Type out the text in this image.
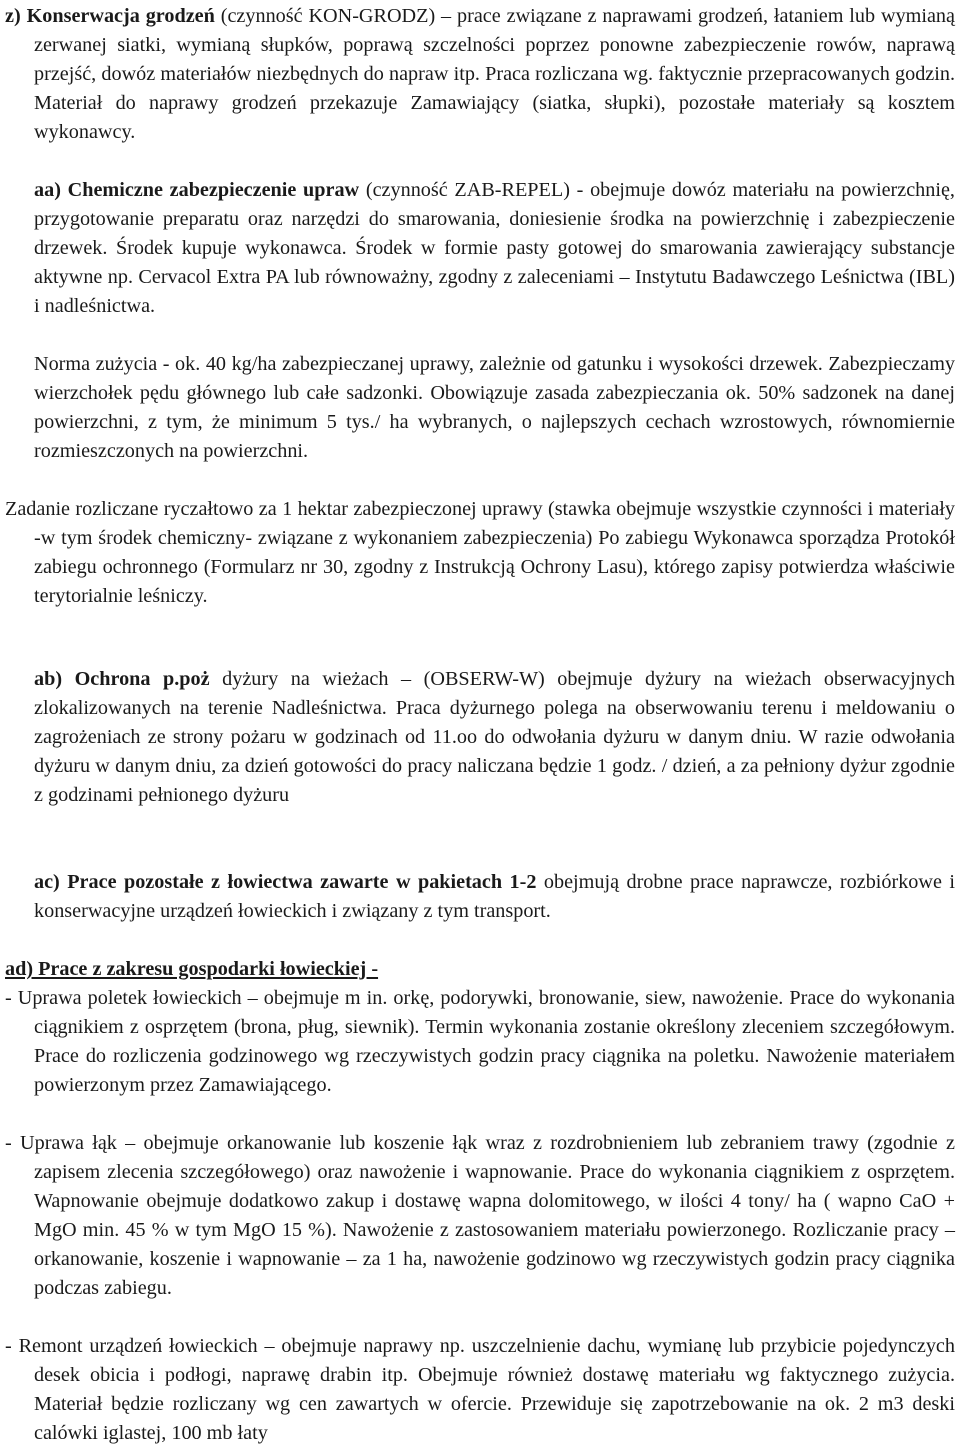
z) Konserwacja grodzeń (czynność KON-GRODZ) – prace związane z naprawami grodzeń, łataniem lub wymianą zerwanej siatki, wymianą słupków, poprawą szczelności poprzez ponowne zabezpieczenie rowów, naprawą przejść, dowóz materiałów niezbędnych do napraw itp. Praca rozliczana wg. faktycznie przepracowanych godzin. Materiał do naprawy grodzeń przekazuje Zamawiający (siatka, słupki), pozostałe materiały są kosztem wykonawcy.

aa) Chemiczne zabezpieczenie upraw (czynność ZAB-REPEL) - obejmuje dowóz materiału na powierzchnię, przygotowanie preparatu oraz narzędzi do smarowania, doniesienie środka na powierzchnię i zabezpieczenie drzewek. Środek kupuje wykonawca. Środek w formie pasty gotowej do smarowania zawierający substancje aktywne np. Cervacol Extra PA lub równoważny, zgodny z zaleceniami – Instytutu Badawczego Leśnictwa (IBL) i nadleśnictwa.

Norma zużycia - ok. 40 kg/ha zabezpieczanej uprawy, zależnie od gatunku i wysokości drzewek. Zabezpieczamy wierzchołek pędu głównego lub całe sadzonki. Obowiązuje zasada zabezpieczania ok. 50% sadzonek na danej powierzchni, z tym, że minimum 5 tys./ ha wybranych, o najlepszych cechach wzrostowych, równomiernie rozmieszczonych na powierzchni.

Zadanie rozliczane ryczałtowo za 1 hektar zabezpieczonej uprawy (stawka obejmuje wszystkie czynności i materiały -w tym środek chemiczny- związane z wykonaniem zabezpieczenia) Po zabiegu Wykonawca sporządza Protokół zabiegu ochronnego (Formularz nr 30, zgodny z Instrukcją Ochrony Lasu), którego zapisy potwierdza właściwie terytorialnie leśniczy.

ab) Ochrona p.poż dyżury na wieżach – (OBSERW-W) obejmuje dyżury na wieżach obserwacyjnych zlokalizowanych na terenie Nadleśnictwa. Praca dyżurnego polega na obserwowaniu terenu i meldowaniu o zagrożeniach ze strony pożaru w godzinach od 11.oo do odwołania dyżuru w danym dniu. W razie odwołania dyżuru w danym dniu, za dzień gotowości do pracy naliczana będzie 1 godz. / dzień, a za pełniony dyżur zgodnie z godzinami pełnionego dyżuru

ac) Prace pozostałe z łowiectwa zawarte w pakietach 1-2 obejmują drobne prace naprawcze, rozbiórkowe i konserwacyjne urządzeń łowieckich i związany z tym transport.

ad) Prace z zakresu gospodarki łowieckiej -

- Uprawa poletek łowieckich – obejmuje m in. orkę, podorywki, bronowanie, siew, nawożenie. Prace do wykonania ciągnikiem z osprzętem (brona, pług, siewnik). Termin wykonania zostanie określony zleceniem szczegółowym. Prace do rozliczenia godzinowego wg rzeczywistych godzin pracy ciągnika na poletku. Nawożenie materiałem powierzonym przez Zamawiającego.

- Uprawa łąk – obejmuje orkanowanie lub koszenie łąk wraz z rozdrobnieniem lub zebraniem trawy (zgodnie z zapisem zlecenia szczegółowego) oraz nawożenie i wapnowanie. Prace do wykonania ciągnikiem z osprzętem. Wapnowanie obejmuje dodatkowo zakup i dostawę wapna dolomitowego, w ilości 4 tony/ ha ( wapno CaO + MgO min. 45 % w tym MgO 15 %). Nawożenie z zastosowaniem materiału powierzonego. Rozliczanie pracy – orkanowanie, koszenie i wapnowanie – za 1 ha, nawożenie godzinowo wg rzeczywistych godzin pracy ciągnika podczas zabiegu.

- Remont urządzeń łowieckich – obejmuje naprawy np. uszczelnienie dachu, wymianę lub przybicie pojedynczych desek obicia i podłogi, naprawę drabin itp. Obejmuje również dostawę materiału wg faktycznego zużycia. Materiał będzie rozliczany wg cen zawartych w ofercie. Przewiduje się zapotrzebowanie na ok. 2 m3 deski calówki iglastej, 100 mb łaty
